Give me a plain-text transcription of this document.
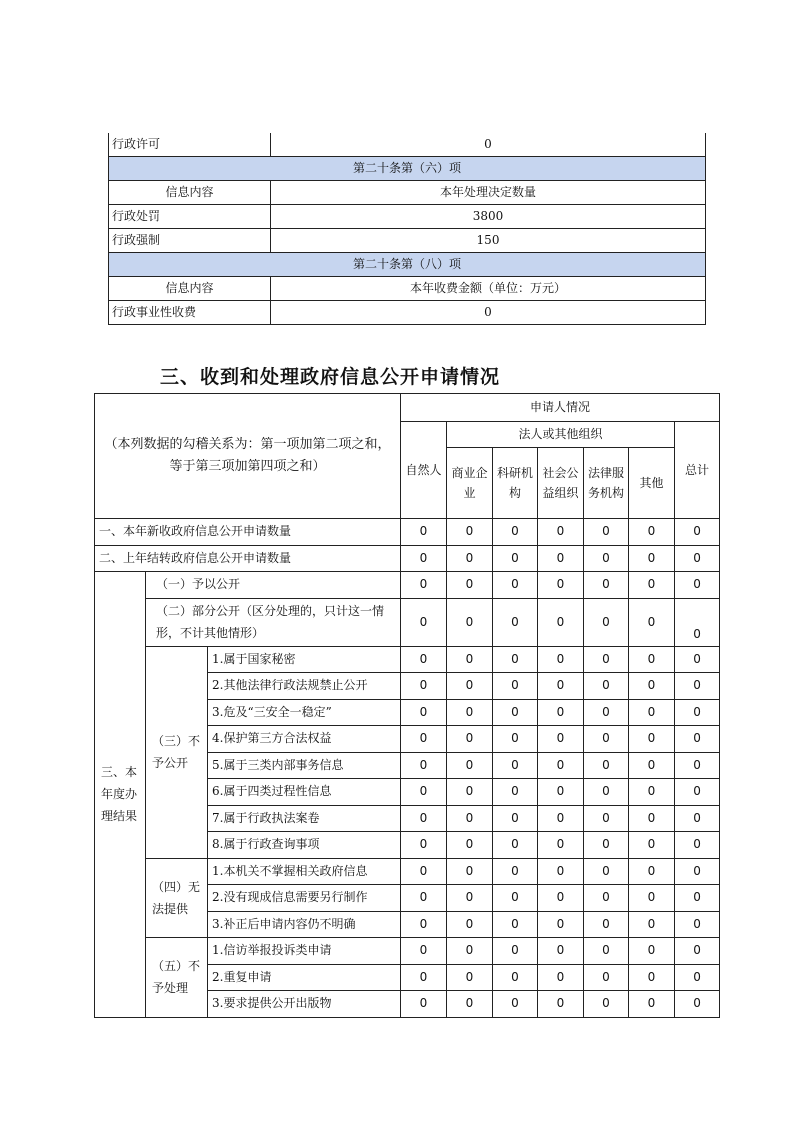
行政许可	0
第二十条第（六）项	
信息内容	本年处理决定数量
行政处罚	3800
行政强制	150
第二十条第（八）项	
信息内容	本年收费金额（单位：万元）
行政事业性收费	0
三、收到和处理政府信息公开申请情况
（本列数据的勾稽关系为：第一项加第二项之和，等于第三项加第四项之和）			申请人情况						
			自然人	法人或其他组织					总计
				商业企业	科研机构	社会公益组织	法律服务机构	其他	
一、本年新收政府信息公开申请数量			0	0	0	0	0	0	0
二、上年结转政府信息公开申请数量			0	0	0	0	0	0	0
三、本年度办理结果	（一）予以公开		0	0	0	0	0	0	0
	（二）部分公开（区分处理的，只计这一情形，不计其他情形）		0	0	0	0	0	0	0
	（三）不予公开	1.属于国家秘密	0	0	0	0	0	0	0
		2.其他法律行政法规禁止公开	0	0	0	0	0	0	0
		3.危及“三安全一稳定”	0	0	0	0	0	0	0
		4.保护第三方合法权益	0	0	0	0	0	0	0
		5.属于三类内部事务信息	0	0	0	0	0	0	0
		6.属于四类过程性信息	0	0	0	0	0	0	0
		7.属于行政执法案卷	0	0	0	0	0	0	0
		8.属于行政查询事项	0	0	0	0	0	0	0
	（四）无法提供	1.本机关不掌握相关政府信息	0	0	0	0	0	0	0
		2.没有现成信息需要另行制作	0	0	0	0	0	0	0
		3.补正后申请内容仍不明确	0	0	0	0	0	0	0
	（五）不予处理	1.信访举报投诉类申请	0	0	0	0	0	0	0
		2.重复申请	0	0	0	0	0	0	0
		3.要求提供公开出版物	0	0	0	0	0	0	0
